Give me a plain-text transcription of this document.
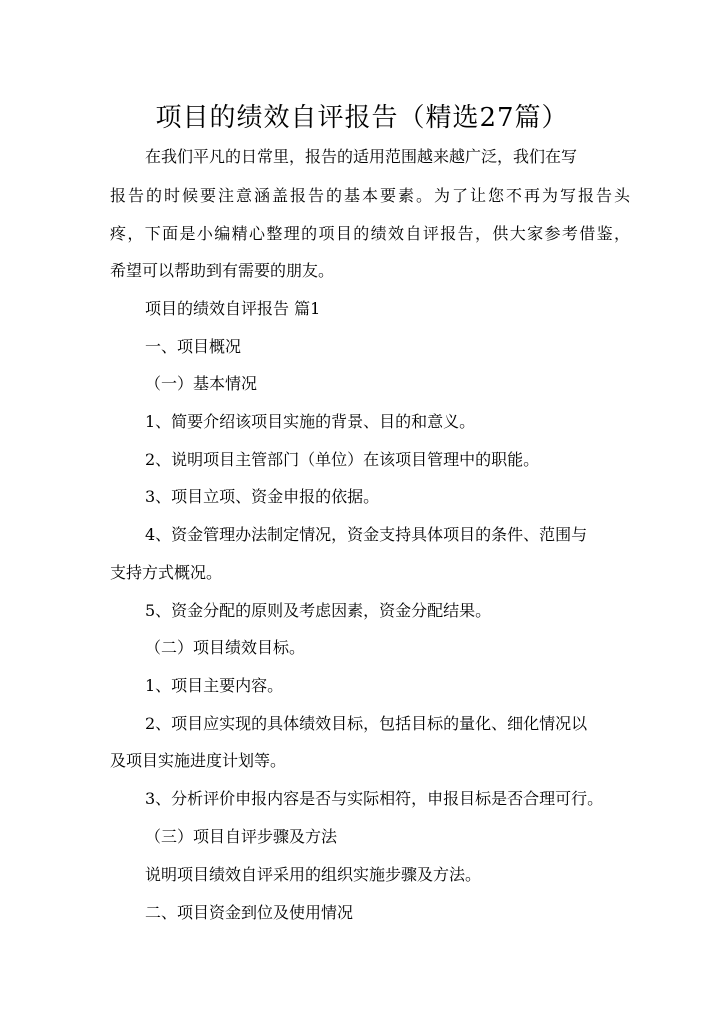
项目的绩效自评报告（精选27篇）

在我们平凡的日常里，报告的适用范围越来越广泛，我们在写

报告的时候要注意涵盖报告的基本要素。为了让您不再为写报告头

疼，下面是小编精心整理的项目的绩效自评报告，供大家参考借鉴，

希望可以帮助到有需要的朋友。

项目的绩效自评报告 篇1

一、项目概况

（一）基本情况

1、简要介绍该项目实施的背景、目的和意义。

2、说明项目主管部门（单位）在该项目管理中的职能。

3、项目立项、资金申报的依据。

4、资金管理办法制定情况，资金支持具体项目的条件、范围与

支持方式概况。

5、资金分配的原则及考虑因素，资金分配结果。

（二）项目绩效目标。

1、项目主要内容。

2、项目应实现的具体绩效目标，包括目标的量化、细化情况以

及项目实施进度计划等。

3、分析评价申报内容是否与实际相符，申报目标是否合理可行。

（三）项目自评步骤及方法

说明项目绩效自评采用的组织实施步骤及方法。

二、项目资金到位及使用情况
